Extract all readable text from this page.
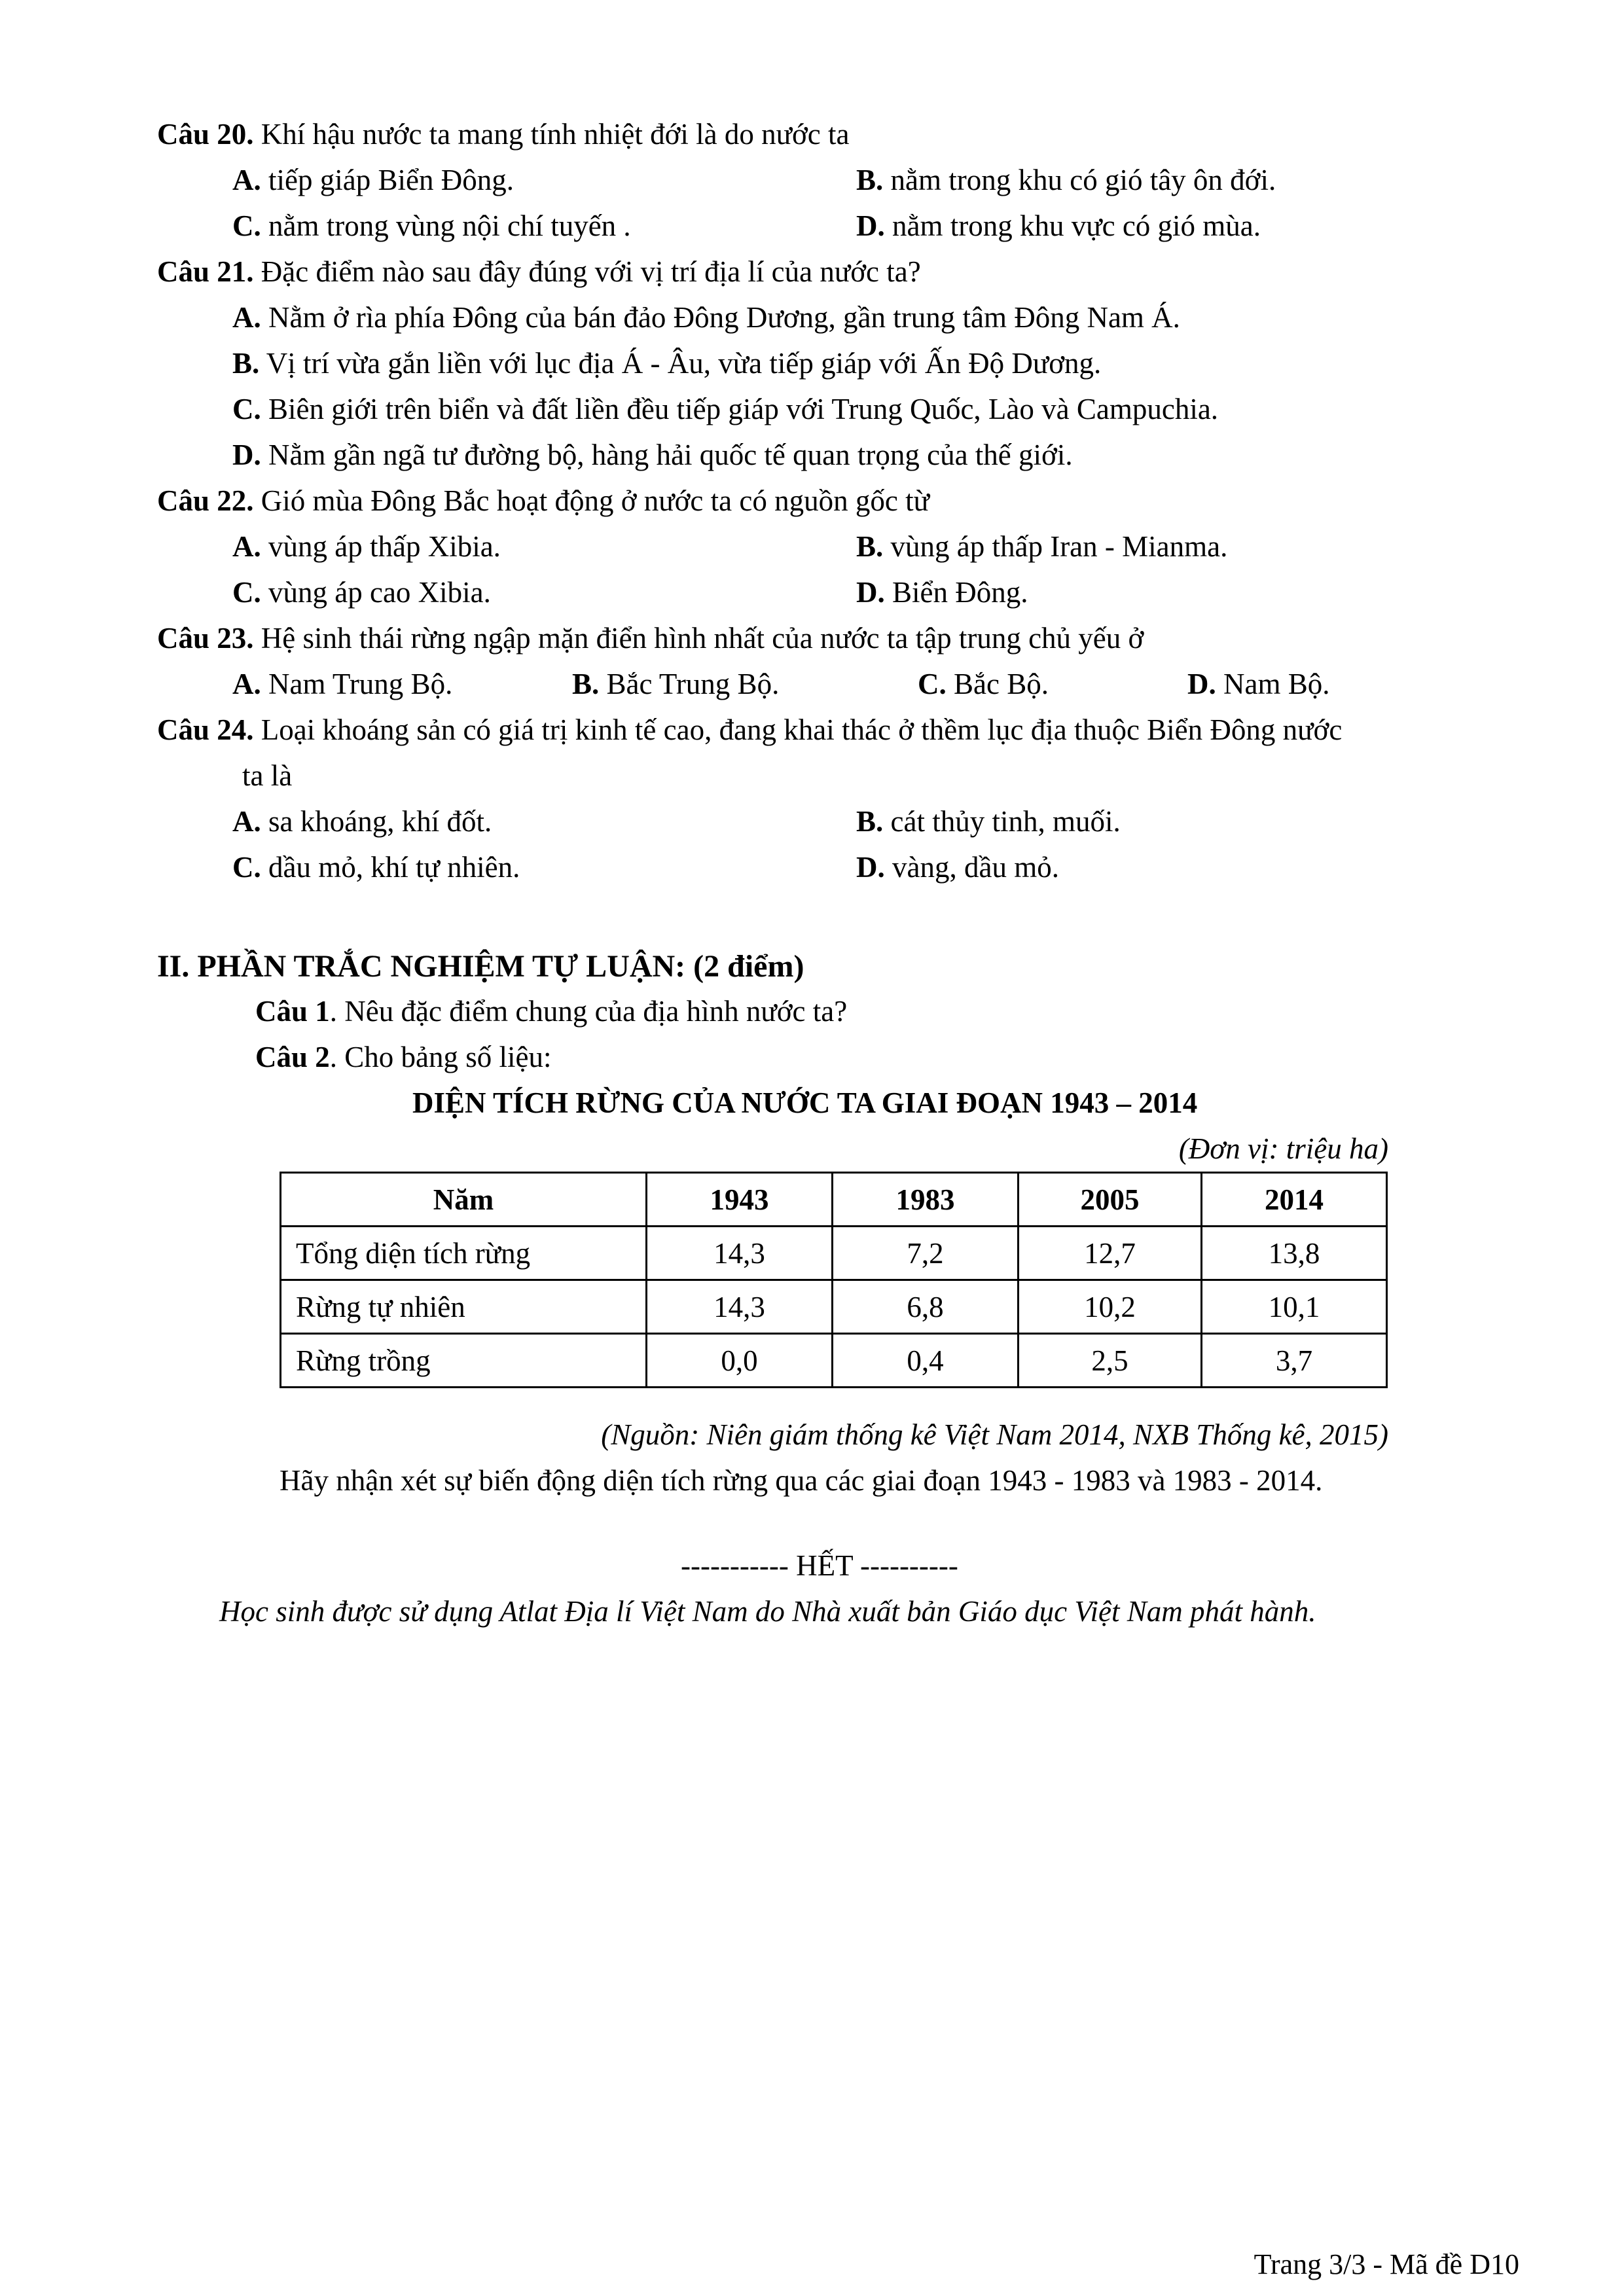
Câu 20. Khí hậu nước ta mang tính nhiệt đới là do nước ta
A. tiếp giáp Biển Đông.	B. nằm trong khu có gió tây ôn đới.
C. nằm trong vùng nội chí tuyến .	D. nằm trong khu vực có gió mùa.
Câu 21. Đặc điểm nào sau đây đúng với vị trí địa lí của nước ta?
A. Nằm ở rìa phía Đông của bán đảo Đông Dương, gần trung tâm Đông Nam Á.
B. Vị trí vừa gắn liền với lục địa Á - Âu, vừa tiếp giáp với Ấn Độ Dương.
C. Biên giới trên biển và đất liền đều tiếp giáp với Trung Quốc, Lào và Campuchia.
D. Nằm gần ngã tư đường bộ, hàng hải quốc tế quan trọng của thế giới.
Câu 22. Gió mùa Đông Bắc hoạt động ở nước ta có nguồn gốc từ
A. vùng áp thấp Xibia.	B. vùng áp thấp Iran - Mianma.
C. vùng áp cao Xibia.	D. Biển Đông.
Câu 23. Hệ sinh thái rừng ngập mặn điển hình nhất của nước ta tập trung chủ yếu ở
A. Nam Trung Bộ.	B. Bắc Trung Bộ.	C. Bắc Bộ.	D. Nam Bộ.
Câu 24. Loại khoáng sản có giá trị kinh tế cao, đang khai thác ở thềm lục địa thuộc Biển Đông nước
ta là
A. sa khoáng, khí đốt.	B. cát thủy tinh, muối.
C. dầu mỏ, khí tự nhiên.	D. vàng, dầu mỏ.
II. PHẦN TRẮC NGHIỆM TỰ LUẬN: (2 điểm)
Câu 1. Nêu đặc điểm chung của địa hình nước ta?
Câu 2. Cho bảng số liệu:
DIỆN TÍCH RỪNG CỦA NƯỚC TA GIAI ĐOẠN 1943 – 2014
(Đơn vị: triệu ha)
Năm	1943	1983	2005	2014
Tổng diện tích rừng	14,3	7,2	12,7	13,8
Rừng tự nhiên	14,3	6,8	10,2	10,1
Rừng trồng	0,0	0,4	2,5	3,7
(Nguồn: Niên giám thống kê Việt Nam 2014, NXB Thống kê, 2015)
Hãy nhận xét sự biến động diện tích rừng qua các giai đoạn 1943 - 1983 và 1983 - 2014.
----------- HẾT ----------
Học sinh được sử dụng Atlat Địa lí Việt Nam do Nhà xuất bản Giáo dục Việt Nam phát hành.
Trang 3/3 - Mã đề D10
